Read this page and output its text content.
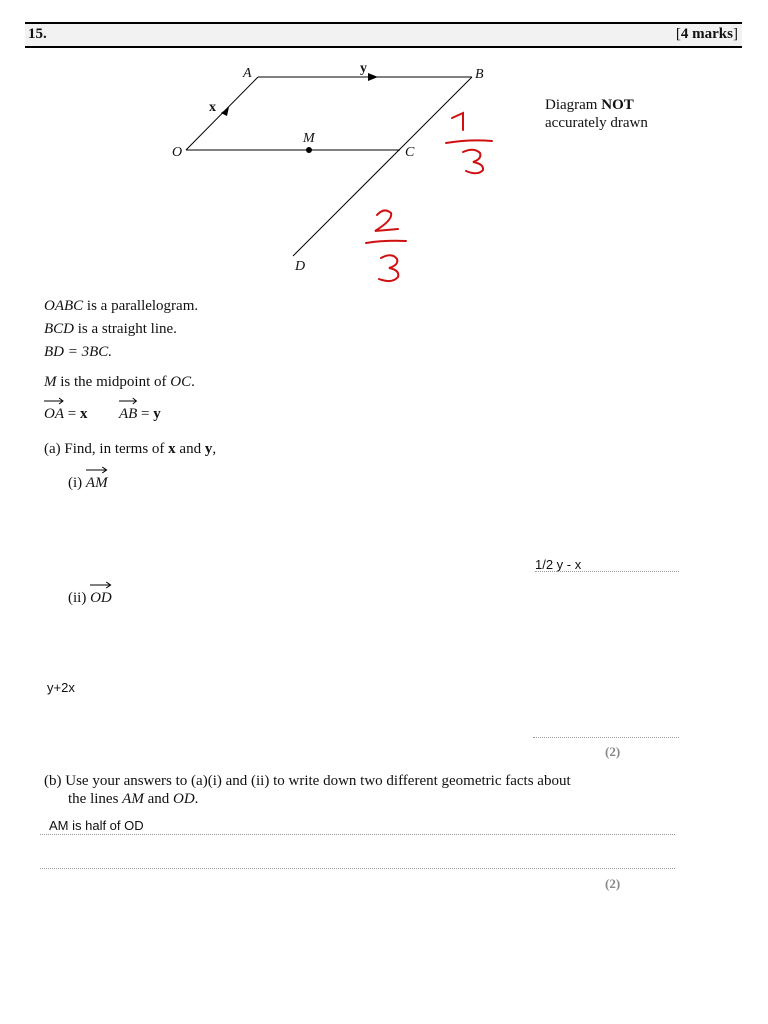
15.	[4 marks]
A	B
O	C
M
D
x
y
Diagram NOT
accurately drawn
OABC is a parallelogram.
BCD is a straight line.
BD = 3BC.
M is the midpoint of OC.
OA = x AB = y
(a) Find, in terms of x and y,
(i)
AM
1/2 y - x
(ii)
OD
y+2x
(2)
(b) Use your answers to (a)(i) and (ii) to write down two different geometric facts about
the lines AM and OD.
AM is half of OD
(2)
